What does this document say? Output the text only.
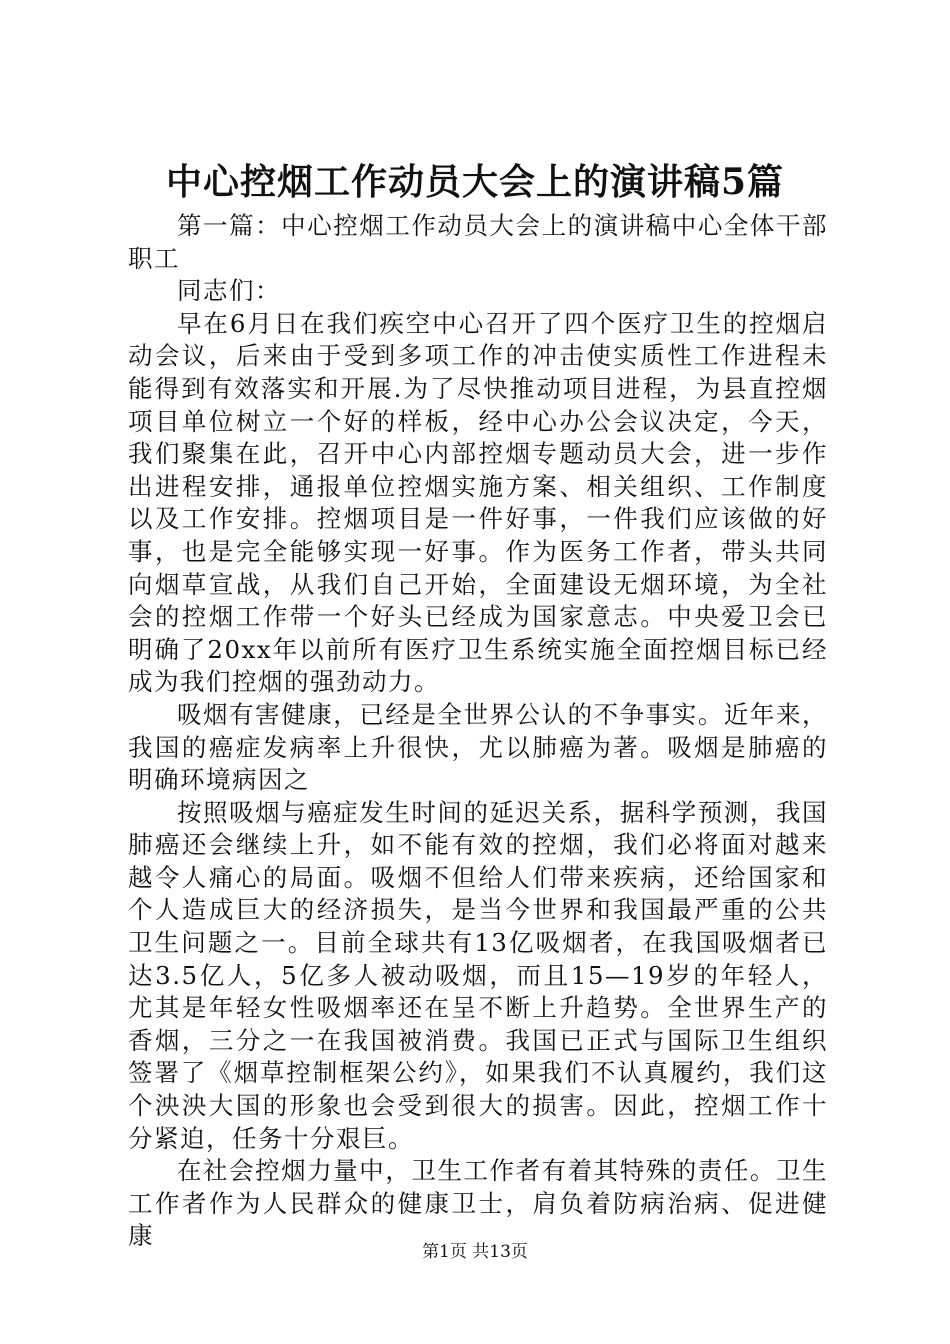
中心控烟工作动员大会上的演讲稿5篇

第一篇：中心控烟工作动员大会上的演讲稿中心全体干部职工

同志们：

早在6月日在我们疾空中心召开了四个医疗卫生的控烟启动会议，后来由于受到多项工作的冲击使实质性工作进程未能得到有效落实和开展.为了尽快推动项目进程，为县直控烟项目单位树立一个好的样板，经中心办公会议决定，今天，我们聚集在此，召开中心内部控烟专题动员大会，进一步作出进程安排，通报单位控烟实施方案、相关组织、工作制度以及工作安排。控烟项目是一件好事，一件我们应该做的好事，也是完全能够实现一好事。作为医务工作者，带头共同向烟草宣战，从我们自己开始，全面建设无烟环境，为全社会的控烟工作带一个好头已经成为国家意志。中央爱卫会已明确了20xx年以前所有医疗卫生系统实施全面控烟目标已经成为我们控烟的强劲动力。

吸烟有害健康，已经是全世界公认的不争事实。近年来，我国的癌症发病率上升很快，尤以肺癌为著。吸烟是肺癌的明确环境病因之

按照吸烟与癌症发生时间的延迟关系，据科学预测，我国肺癌还会继续上升，如不能有效的控烟，我们必将面对越来越令人痛心的局面。吸烟不但给人们带来疾病，还给国家和个人造成巨大的经济损失，是当今世界和我国最严重的公共卫生问题之一。目前全球共有13亿吸烟者，在我国吸烟者已达3.5亿人，5亿多人被动吸烟，而且15—19岁的年轻人，尤其是年轻女性吸烟率还在呈不断上升趋势。全世界生产的香烟，三分之一在我国被消费。我国已正式与国际卫生组织签署了《烟草控制框架公约》，如果我们不认真履约，我们这个泱泱大国的形象也会受到很大的损害。因此，控烟工作十分紧迫，任务十分艰巨。

在社会控烟力量中，卫生工作者有着其特殊的责任。卫生工作者作为人民群众的健康卫士，肩负着防病治病、促进健康

第1页 共13页
